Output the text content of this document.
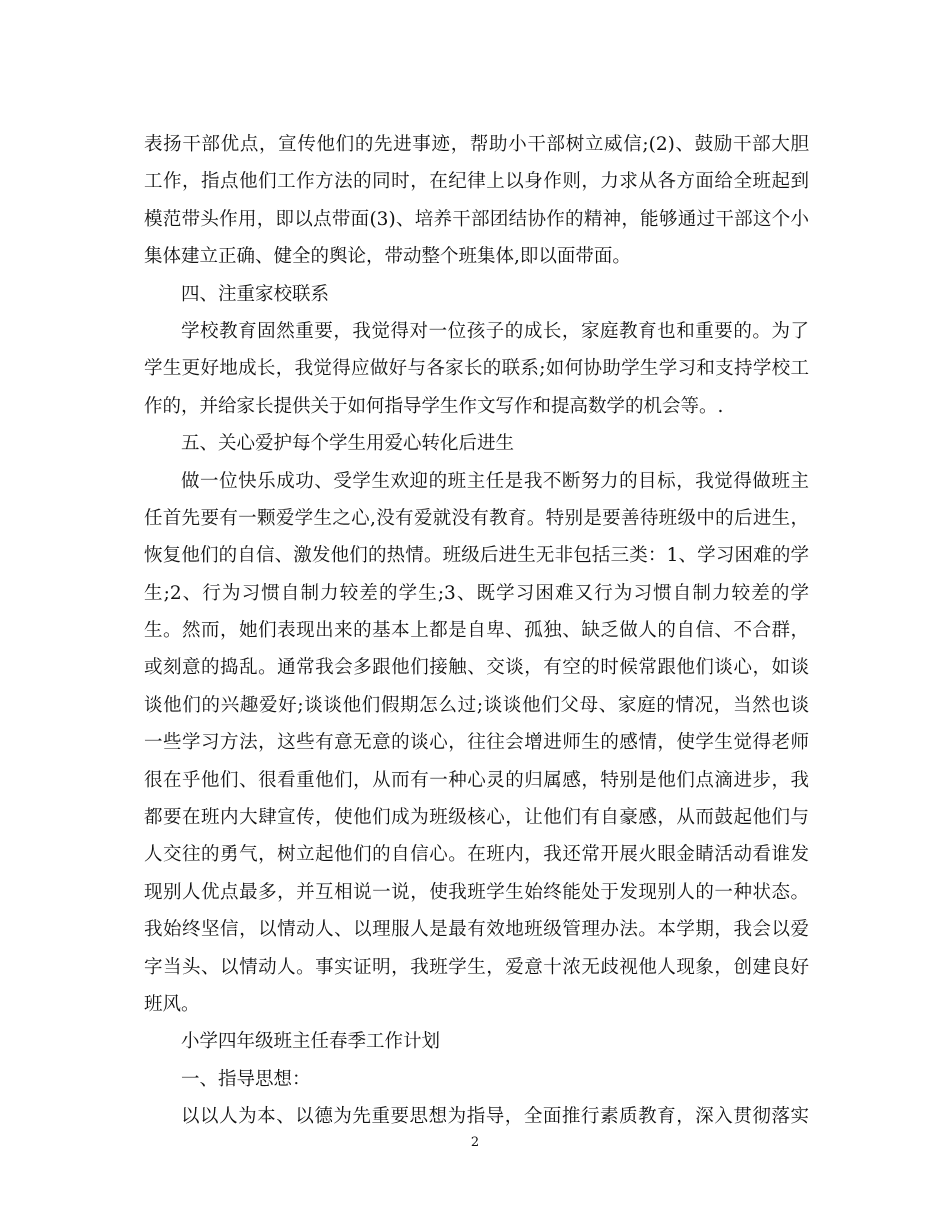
表扬干部优点，宣传他们的先进事迹，帮助小干部树立威信;(2)、鼓励干部大胆
工作，指点他们工作方法的同时，在纪律上以身作则，力求从各方面给全班起到
模范带头作用，即以点带面(3)、培养干部团结协作的精神，能够通过干部这个小
集体建立正确、健全的舆论，带动整个班集体,即以面带面。
四、注重家校联系
学校教育固然重要，我觉得对一位孩子的成长，家庭教育也和重要的。为了
学生更好地成长，我觉得应做好与各家长的联系;如何协助学生学习和支持学校工
作的，并给家长提供关于如何指导学生作文写作和提高数学的机会等。.
五、关心爱护每个学生用爱心转化后进生
做一位快乐成功、受学生欢迎的班主任是我不断努力的目标，我觉得做班主
任首先要有一颗爱学生之心,没有爱就没有教育。特别是要善待班级中的后进生，
恢复他们的自信、激发他们的热情。班级后进生无非包括三类：1、学习困难的学
生;2、行为习惯自制力较差的学生;3、既学习困难又行为习惯自制力较差的学
生。然而，她们表现出来的基本上都是自卑、孤独、缺乏做人的自信、不合群，
或刻意的捣乱。通常我会多跟他们接触、交谈，有空的时候常跟他们谈心，如谈
谈他们的兴趣爱好;谈谈他们假期怎么过;谈谈他们父母、家庭的情况，当然也谈
一些学习方法，这些有意无意的谈心，往往会增进师生的感情，使学生觉得老师
很在乎他们、很看重他们，从而有一种心灵的归属感，特别是他们点滴进步，我
都要在班内大肆宣传，使他们成为班级核心，让他们有自豪感，从而鼓起他们与
人交往的勇气，树立起他们的自信心。在班内，我还常开展火眼金睛活动看谁发
现别人优点最多，并互相说一说，使我班学生始终能处于发现别人的一种状态。
我始终坚信，以情动人、以理服人是最有效地班级管理办法。本学期，我会以爱
字当头、以情动人。事实证明，我班学生，爱意十浓无歧视他人现象，创建良好
班风。
小学四年级班主任春季工作计划
一、指导思想：
以以人为本、以德为先重要思想为指导，全面推行素质教育，深入贯彻落实
2
